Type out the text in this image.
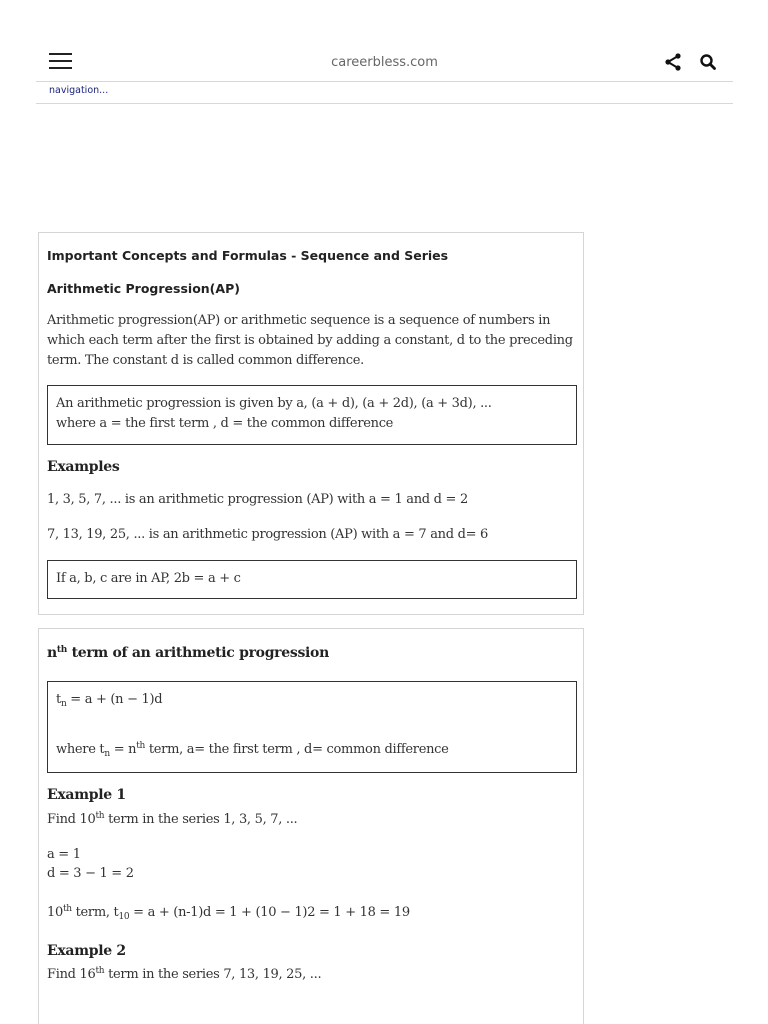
careerbless.com
navigation...
Important Concepts and Formulas - Sequence and Series
Arithmetic Progression(AP)
Arithmetic progression(AP) or arithmetic sequence is a sequence of numbers in which each term after the first is obtained by adding a constant, d to the preceding term. The constant d is called common difference.
An arithmetic progression is given by a, (a + d), (a + 2d), (a + 3d), ...
where a = the first term , d = the common difference
Examples
1, 3, 5, 7, ... is an arithmetic progression (AP) with a = 1 and d = 2
7, 13, 19, 25, ... is an arithmetic progression (AP) with a = 7 and d= 6
If a, b, c are in AP, 2b = a + c
$n^{th}$ term of an arithmetic progression
$t_n = a + (n - 1)d$
where $t_n = n^{th}$ term, a= the first term , d= common difference
Example 1
Find 10th term in the series 1, 3, 5, 7, ...
a = 1
d = 3 − 1 = 2
10th term, $t_{10} = a + (n-1)d = 1 + (10 - 1)2 = 1 + 18 = 19$
Example 2
Find 16th term in the series 7, 13, 19, 25, ...
